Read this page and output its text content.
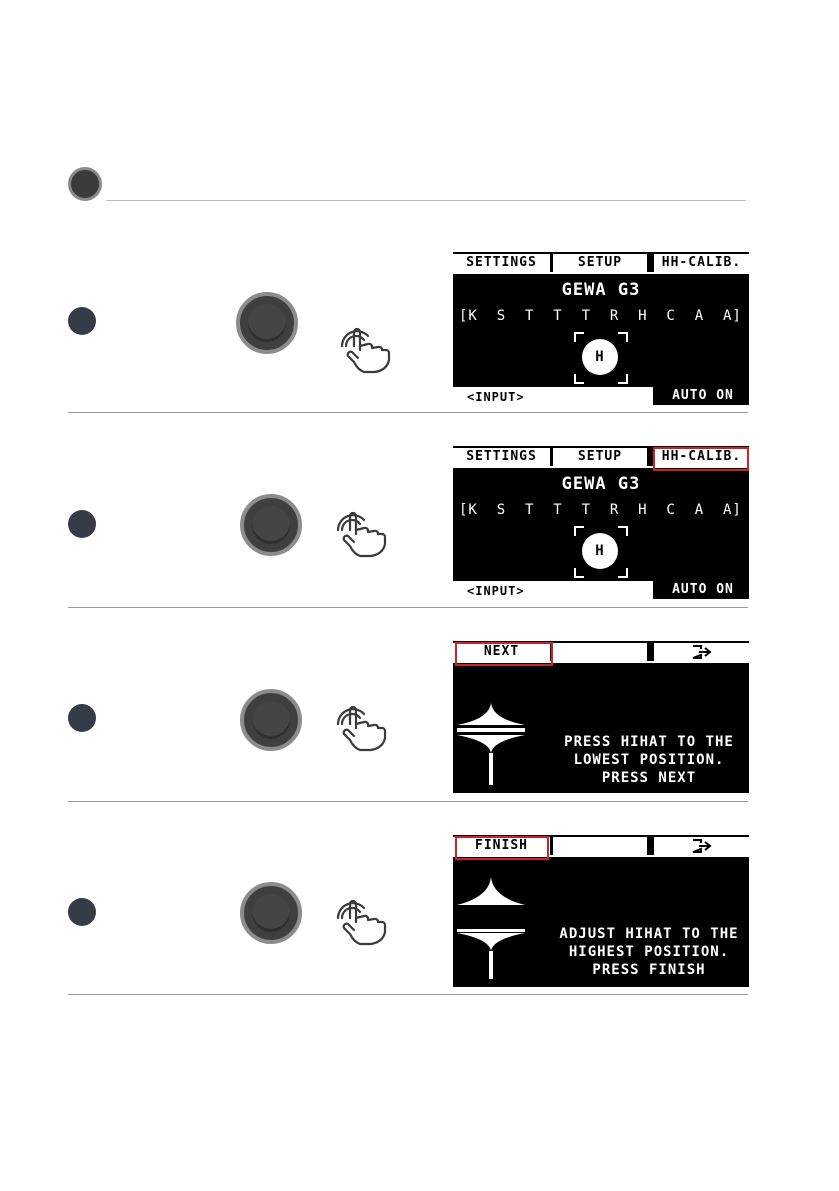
SETTINGS	SETUP	HH-CALIB.
GEWA G3
[K  S  T  T  T  R  H  C  A  A]
H
<INPUT>	AUTO ON
SETTINGS	SETUP	HH-CALIB.
GEWA G3
[K  S  T  T  T  R  H  C  A  A]
H
<INPUT>	AUTO ON
NEXT
PRESS HIHAT TO THE
LOWEST POSITION.
PRESS NEXT
FINISH
ADJUST HIHAT TO THE
HIGHEST POSITION.
PRESS FINISH
